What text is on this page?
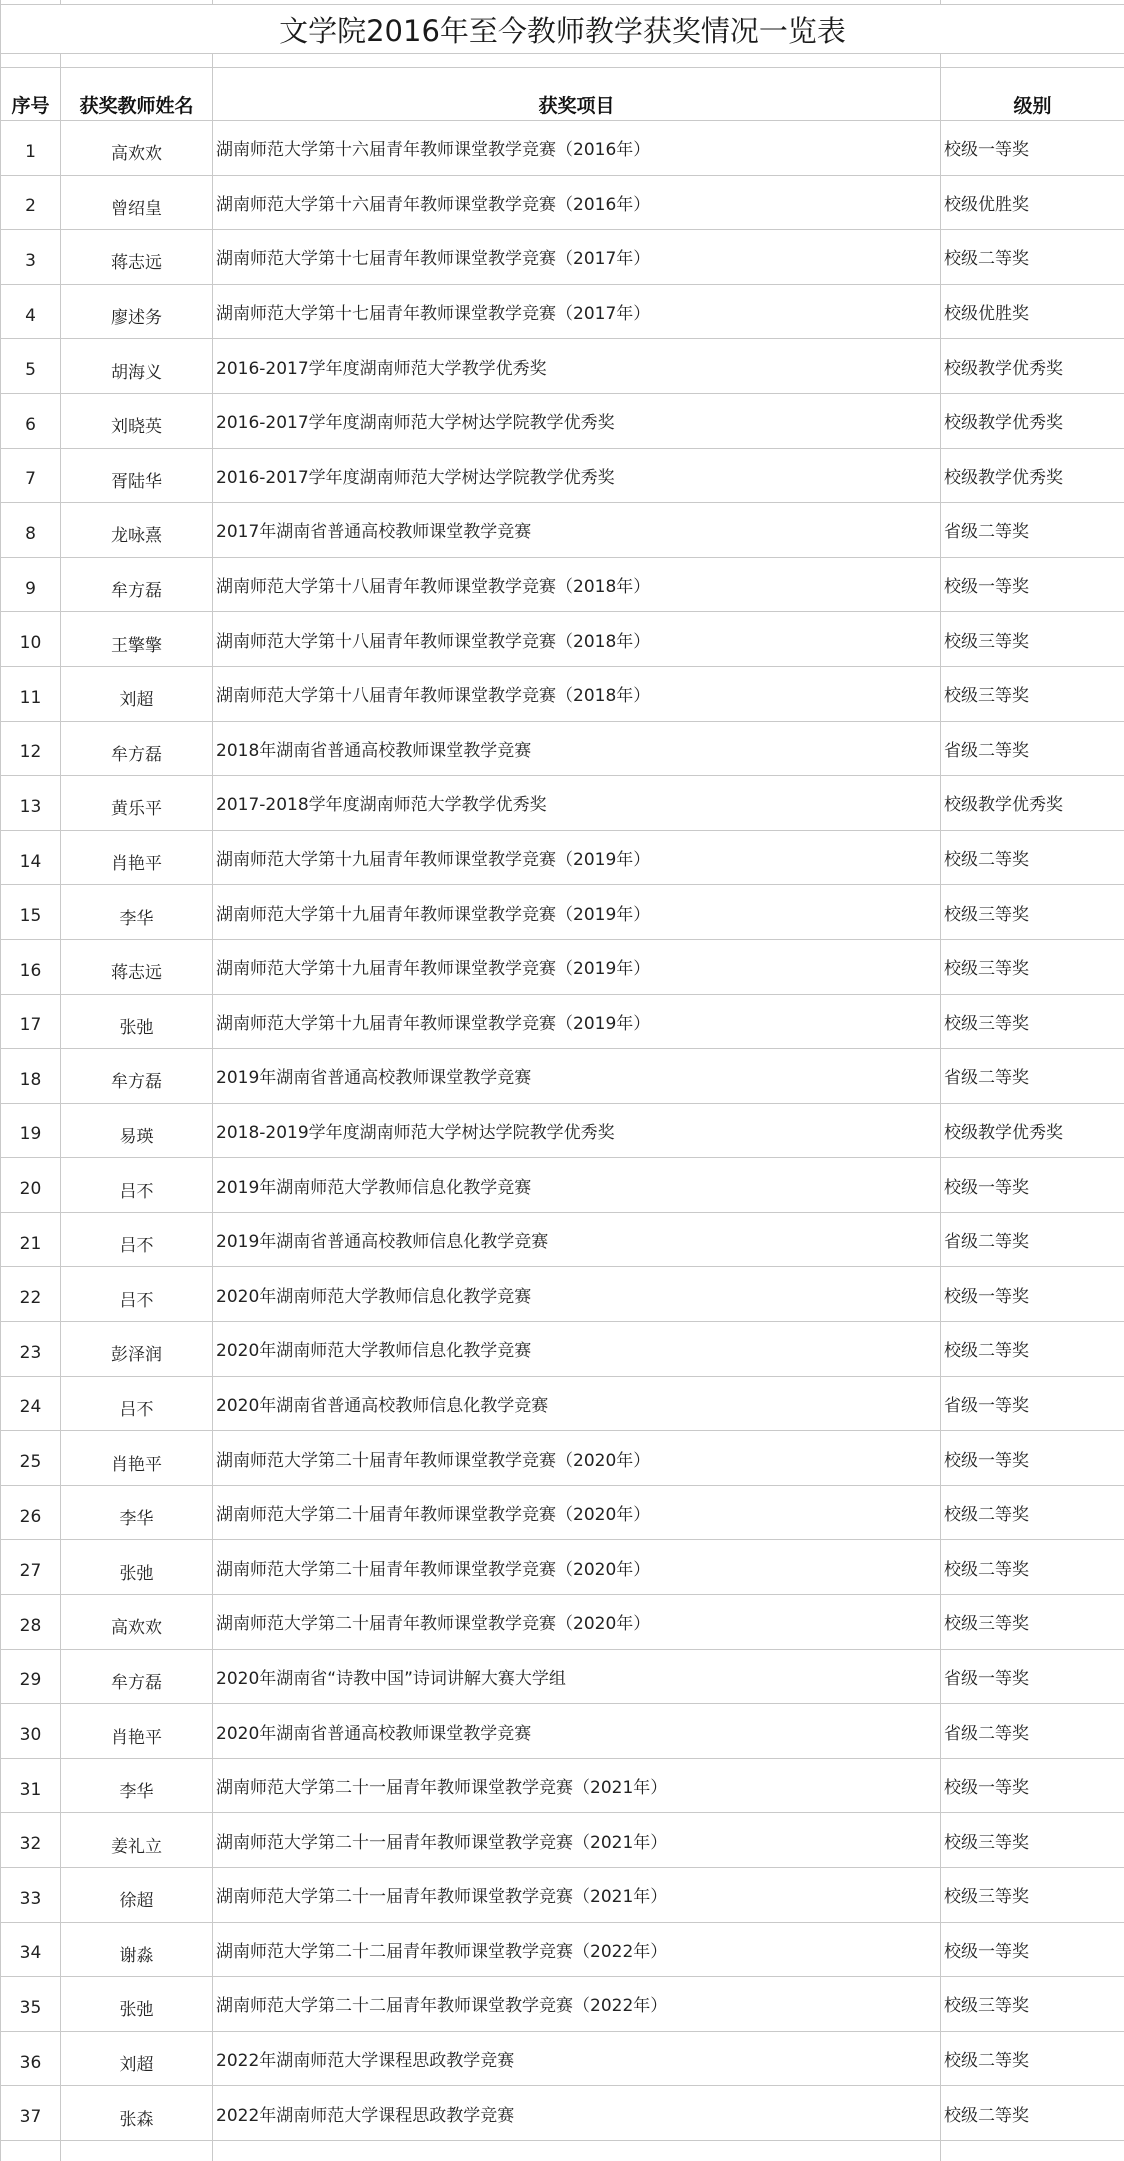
文学院2016年至今教师教学获奖情况一览表			

序号	获奖教师姓名	获奖项目	级别
1	高欢欢	湖南师范大学第十六届青年教师课堂教学竞赛（2016年）	校级一等奖
2	曾绍皇	湖南师范大学第十六届青年教师课堂教学竞赛（2016年）	校级优胜奖
3	蒋志远	湖南师范大学第十七届青年教师课堂教学竞赛（2017年）	校级二等奖
4	廖述务	湖南师范大学第十七届青年教师课堂教学竞赛（2017年）	校级优胜奖
5	胡海义	2016-2017学年度湖南师范大学教学优秀奖	校级教学优秀奖
6	刘晓英	2016-2017学年度湖南师范大学树达学院教学优秀奖	校级教学优秀奖
7	胥陆华	2016-2017学年度湖南师范大学树达学院教学优秀奖	校级教学优秀奖
8	龙咏熹	2017年湖南省普通高校教师课堂教学竞赛	省级二等奖
9	牟方磊	湖南师范大学第十八届青年教师课堂教学竞赛（2018年）	校级一等奖
10	王擎擎	湖南师范大学第十八届青年教师课堂教学竞赛（2018年）	校级三等奖
11	刘超	湖南师范大学第十八届青年教师课堂教学竞赛（2018年）	校级三等奖
12	牟方磊	2018年湖南省普通高校教师课堂教学竞赛	省级二等奖
13	黄乐平	2017-2018学年度湖南师范大学教学优秀奖	校级教学优秀奖
14	肖艳平	湖南师范大学第十九届青年教师课堂教学竞赛（2019年）	校级二等奖
15	李华	湖南师范大学第十九届青年教师课堂教学竞赛（2019年）	校级三等奖
16	蒋志远	湖南师范大学第十九届青年教师课堂教学竞赛（2019年）	校级三等奖
17	张弛	湖南师范大学第十九届青年教师课堂教学竞赛（2019年）	校级三等奖
18	牟方磊	2019年湖南省普通高校教师课堂教学竞赛	省级二等奖
19	易瑛	2018-2019学年度湖南师范大学树达学院教学优秀奖	校级教学优秀奖
20	吕不	2019年湖南师范大学教师信息化教学竞赛	校级一等奖
21	吕不	2019年湖南省普通高校教师信息化教学竞赛	省级二等奖
22	吕不	2020年湖南师范大学教师信息化教学竞赛	校级一等奖
23	彭泽润	2020年湖南师范大学教师信息化教学竞赛	校级二等奖
24	吕不	2020年湖南省普通高校教师信息化教学竞赛	省级一等奖
25	肖艳平	湖南师范大学第二十届青年教师课堂教学竞赛（2020年）	校级一等奖
26	李华	湖南师范大学第二十届青年教师课堂教学竞赛（2020年）	校级二等奖
27	张弛	湖南师范大学第二十届青年教师课堂教学竞赛（2020年）	校级二等奖
28	高欢欢	湖南师范大学第二十届青年教师课堂教学竞赛（2020年）	校级三等奖
29	牟方磊	2020年湖南省“诗教中国”诗词讲解大赛大学组	省级一等奖
30	肖艳平	2020年湖南省普通高校教师课堂教学竞赛	省级二等奖
31	李华	湖南师范大学第二十一届青年教师课堂教学竞赛（2021年）	校级一等奖
32	姜礼立	湖南师范大学第二十一届青年教师课堂教学竞赛（2021年）	校级三等奖
33	徐超	湖南师范大学第二十一届青年教师课堂教学竞赛（2021年）	校级三等奖
34	谢淼	湖南师范大学第二十二届青年教师课堂教学竞赛（2022年）	校级一等奖
35	张弛	湖南师范大学第二十二届青年教师课堂教学竞赛（2022年）	校级三等奖
36	刘超	2022年湖南师范大学课程思政教学竞赛	校级二等奖
37	张森	2022年湖南师范大学课程思政教学竞赛	校级二等奖
